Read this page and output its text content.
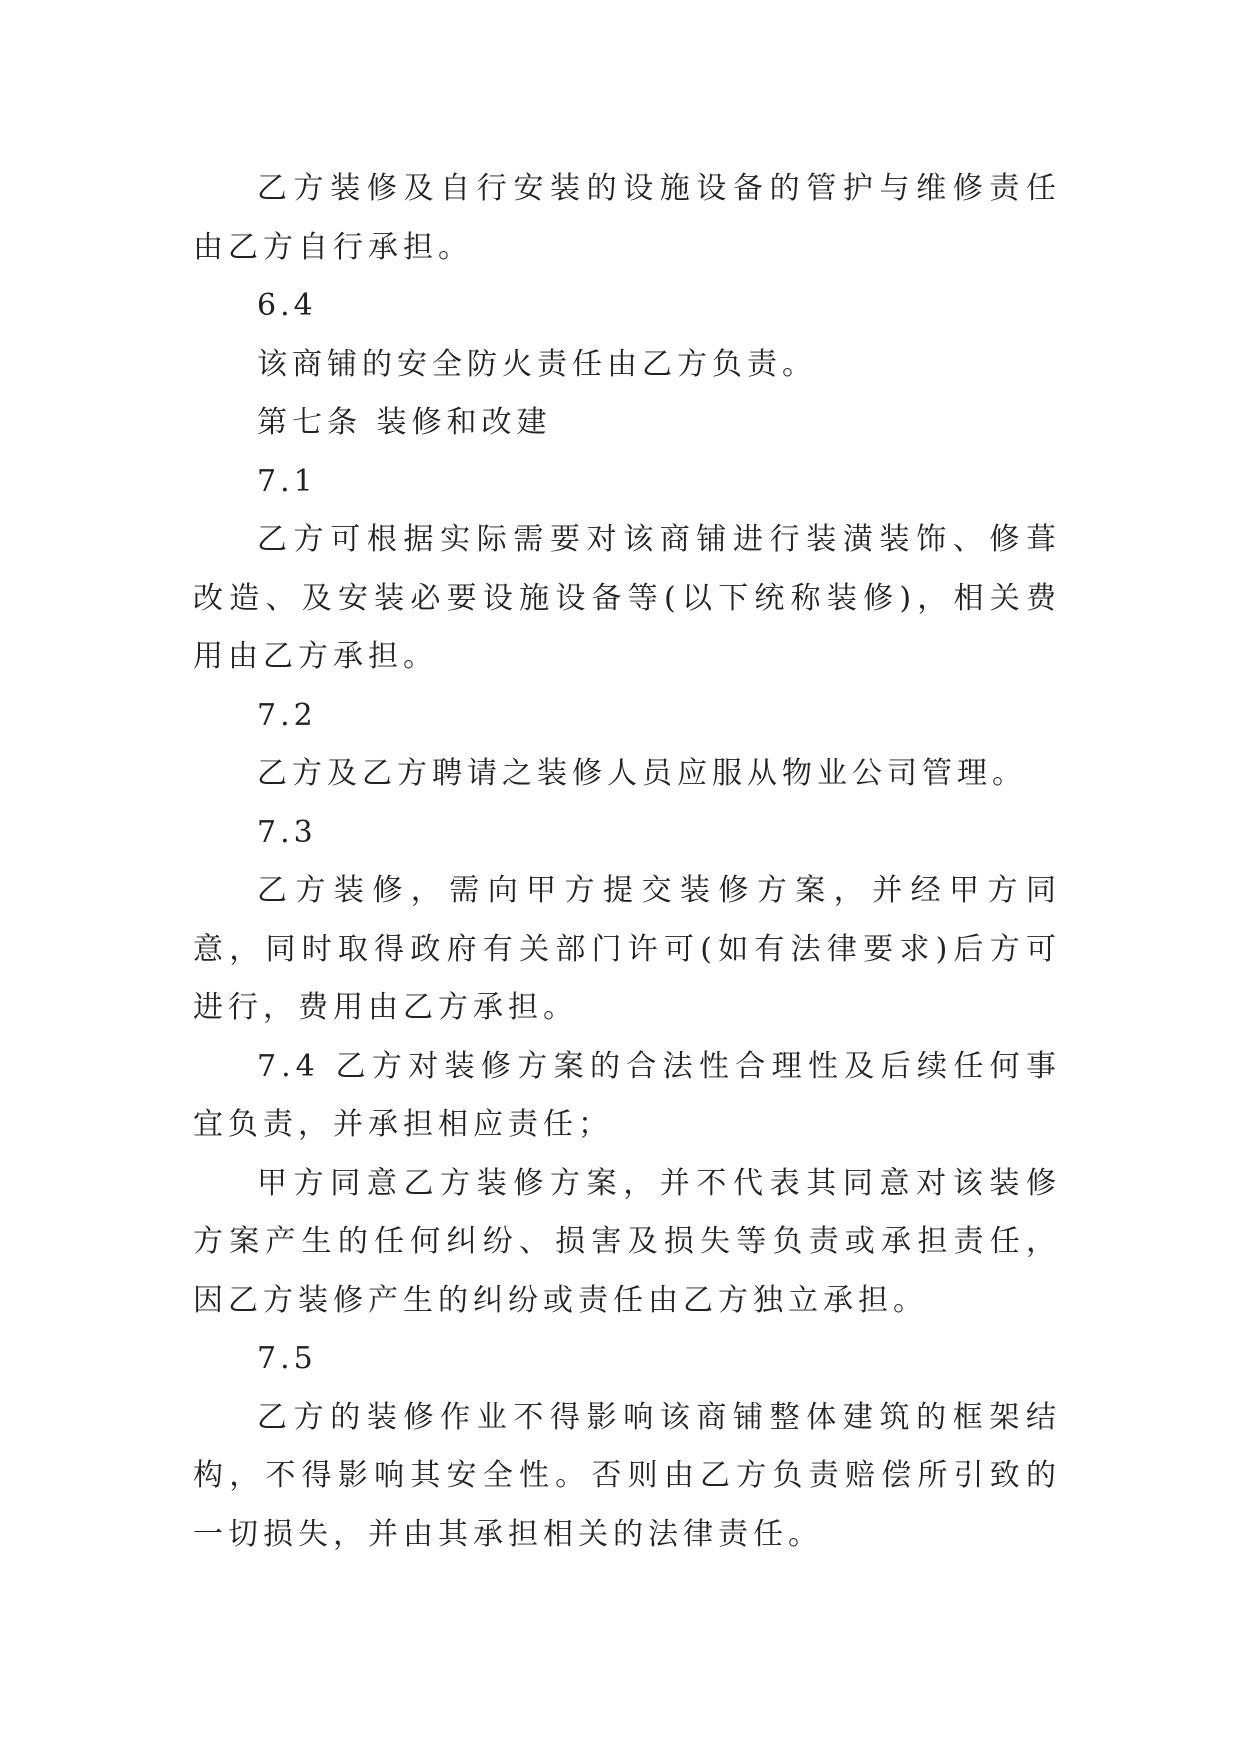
乙方装修及自行安装的设施设备的管护与维修责任由乙方自行承担。

6.4

该商铺的安全防火责任由乙方负责。

第七条 装修和改建

7.1

乙方可根据实际需要对该商铺进行装潢装饰、修葺改造、及安装必要设施设备等(以下统称装修)，相关费用由乙方承担。

7.2

乙方及乙方聘请之装修人员应服从物业公司管理。

7.3

乙方装修，需向甲方提交装修方案，并经甲方同意，同时取得政府有关部门许可(如有法律要求)后方可进行，费用由乙方承担。

7.4 乙方对装修方案的合法性合理性及后续任何事宜负责，并承担相应责任；

甲方同意乙方装修方案，并不代表其同意对该装修方案产生的任何纠纷、损害及损失等负责或承担责任，因乙方装修产生的纠纷或责任由乙方独立承担。

7.5

乙方的装修作业不得影响该商铺整体建筑的框架结构，不得影响其安全性。否则由乙方负责赔偿所引致的一切损失，并由其承担相关的法律责任。
